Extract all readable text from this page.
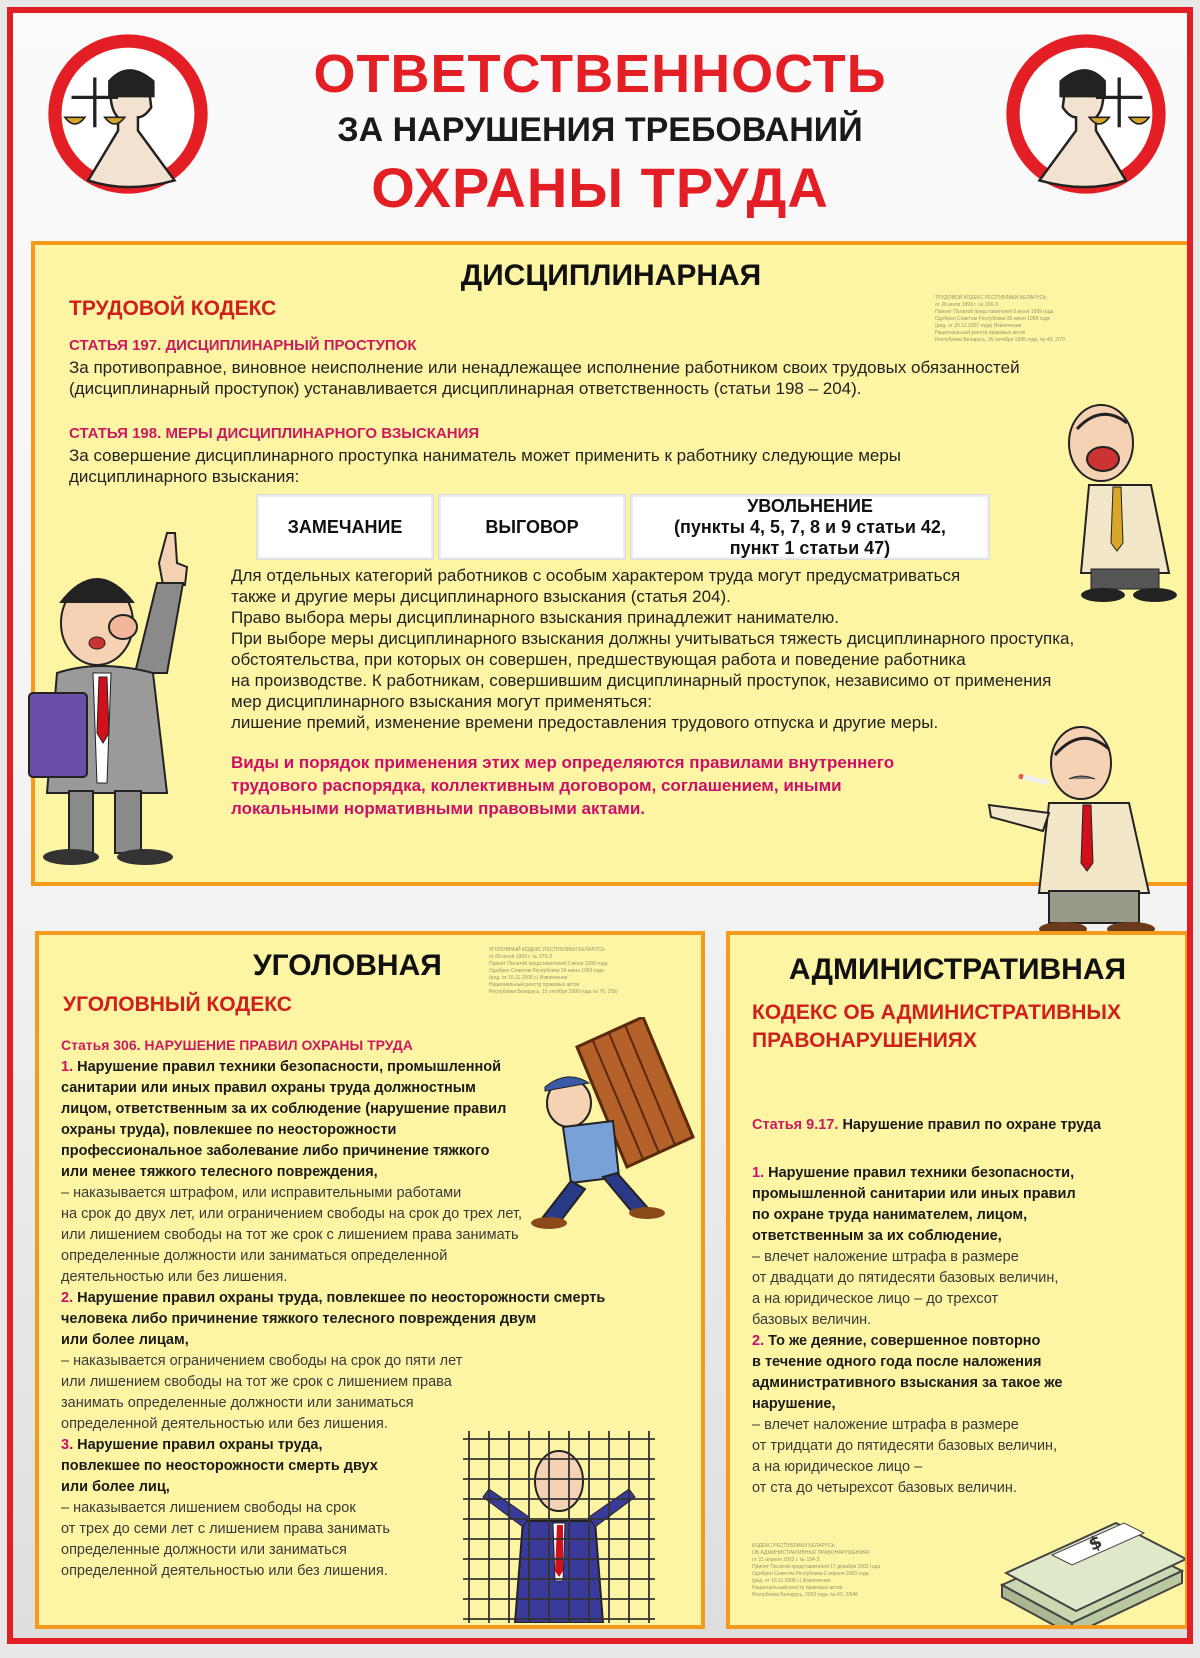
ОТВЕТСТВЕННОСТЬ
ЗА НАРУШЕНИЯ ТРЕБОВАНИЙ
ОХРАНЫ ТРУДА
ДИСЦИПЛИНАРНАЯ
ТРУДОВОЙ КОДЕКС	ТРУДОВОЙ КОДЕКС РЕСПУБЛИКИ БЕЛАРУСЬ
от 26 июля 1999 г. № 296-З
Принят Палатой представителей 8 июня 1999 года
Одобрен Советом Республики 30 июня 1999 года
(ред. от 20.12.2007 года) Извлечение
Национальный реестр правовых актов
Республики Беларусь, 26 октября 1999 года, № 40, 2/70
СТАТЬЯ 197. ДИСЦИПЛИНАРНЫЙ ПРОСТУПОК
За противоправное, виновное неисполнение или ненадлежащее исполнение работником своих трудовых обязанностей
(дисциплинарный проступок) устанавливается дисциплинарная ответственность (статьи 198 – 204).
СТАТЬЯ 198. МЕРЫ ДИСЦИПЛИНАРНОГО ВЗЫСКАНИЯ
За совершение дисциплинарного проступка наниматель может применить к работнику следующие меры
дисциплинарного взыскания:
ЗАМЕЧАНИЕ	ВЫГОВОР
УВОЛЬНЕНИЕ
(пункты 4, 5, 7, 8 и 9 статьи 42,
пункт 1 статьи 47)
Для отдельных категорий работников с особым характером труда могут предусматриваться
также и другие меры дисциплинарного взыскания (статья 204).
Право выбора меры дисциплинарного взыскания принадлежит нанимателю.
При выборе меры дисциплинарного взыскания должны учитываться тяжесть дисциплинарного проступка,
обстоятельства, при которых он совершен, предшествующая работа и поведение работника
на производстве. К работникам, совершившим дисциплинарный проступок, независимо от применения
мер дисциплинарного взыскания могут применяться:
лишение премий, изменение времени предоставления трудового отпуска и другие меры.
Виды и порядок применения этих мер определяются правилами внутреннего
трудового распорядка, коллективным договором, соглашением, иными
локальными нормативными правовыми актами.
УГОЛОВНАЯ	УГОЛОВНЫЙ КОДЕКС РЕСПУБЛИКИ БЕЛАРУСЬ
от 09 июля 1999 г. № 275-З
Принят Палатой представителей 2 июня 1999 года
Одобрен Советом Республики 24 июня 1999 года
(ред. от 16.11.2006 г.) Извлечение
Национальный реестр правовых актов
Республики Беларусь, 15 октября 1999 года № 76, 2/50
УГОЛОВНЫЙ КОДЕКС
Статья 306. НАРУШЕНИЕ ПРАВИЛ ОХРАНЫ ТРУДА
1. Нарушение правил техники безопасности, промышленной
санитарии или иных правил охраны труда должностным
лицом, ответственным за их соблюдение (нарушение правил
охраны труда), повлекшее по неосторожности
профессиональное заболевание либо причинение тяжкого
или менее тяжкого телесного повреждения,
– наказывается штрафом, или исправительными работами
на срок до двух лет, или ограничением свободы на срок до трех лет,
или лишением свободы на тот же срок с лишением права занимать
определенные должности или заниматься определенной
деятельностью или без лишения.
2. Нарушение правил охраны труда, повлекшее по неосторожности смерть
человека либо причинение тяжкого телесного повреждения двум
или более лицам,
– наказывается ограничением свободы на срок до пяти лет
или лишением свободы на тот же срок с лишением права
занимать определенные должности или заниматься
определенной деятельностью или без лишения.
3. Нарушение правил охраны труда,
повлекшее по неосторожности смерть двух
или более лиц,
– наказывается лишением свободы на срок
от трех до семи лет с лишением права занимать
определенные должности или заниматься
определенной деятельностью или без лишения.
АДМИНИСТРАТИВНАЯ
КОДЕКС ОБ АДМИНИСТРАТИВНЫХ
ПРАВОНАРУШЕНИЯХ
Статья 9.17. Нарушение правил по охране труда
1. Нарушение правил техники безопасности,
промышленной санитарии или иных правил
по охране труда нанимателем, лицом,
ответственным за их соблюдение,
– влечет наложение штрафа в размере
от двадцати до пятидесяти базовых величин,
а на юридическое лицо – до трехсот
базовых величин.
2. То же деяние, совершенное повторно
в течение одного года после наложения
административного взыскания за такое же
нарушение,
– влечет наложение штрафа в размере
от тридцати до пятидесяти базовых величин,
а на юридическое лицо –
от ста до четырехсот базовых величин.
КОДЕКС РЕСПУБЛИКИ БЕЛАРУСЬ
ОБ АДМИНИСТРАТИВНЫХ ПРАВОНАРУШЕНИЯХ
от 21 апреля 2003 г. № 194-З
Принят Палатой представителей 17 декабря 2002 года
Одобрен Советом Республики 2 апреля 2003 года
(ред. от 16.11.2006 г.) Извлечение
Национальный реестр правовых актов
Республики Беларусь, 2003 года, № 63, 2/946
$
